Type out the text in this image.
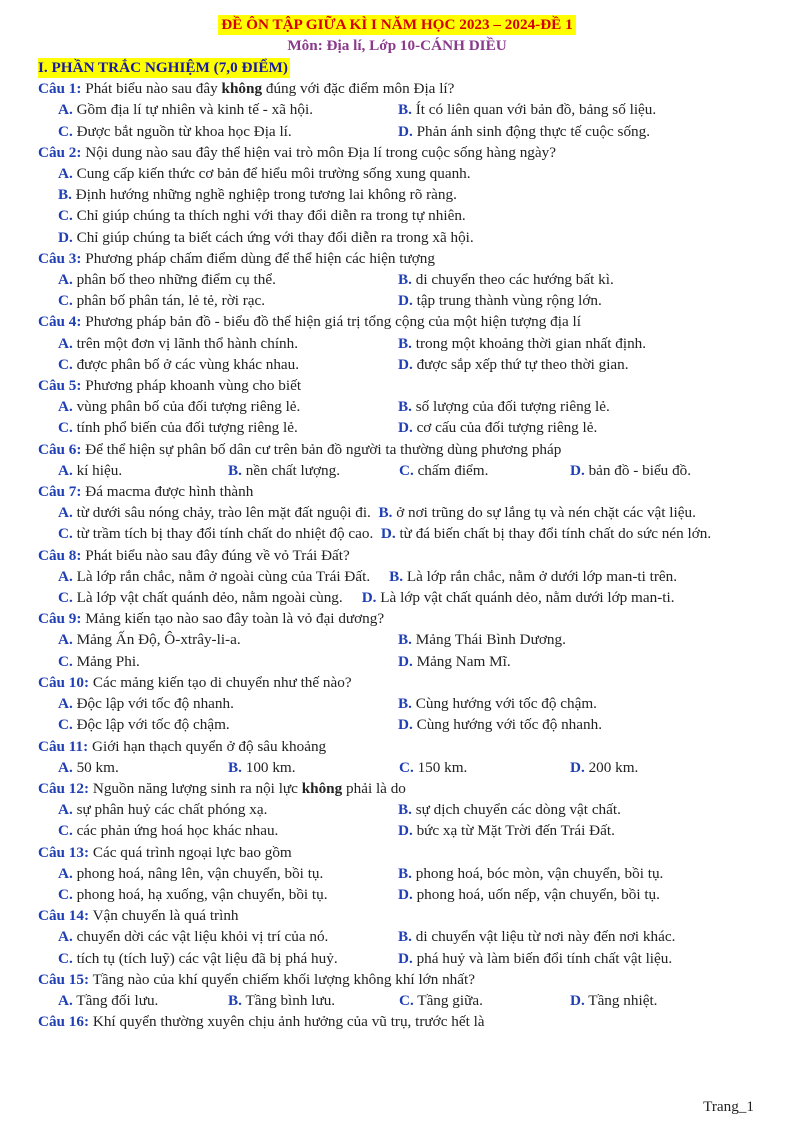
ĐỀ ÔN TẬP GIỮA KÌ I NĂM HỌC 2023 – 2024-ĐỀ 1
Môn: Địa lí, Lớp 10-CÁNH DIỀU
I. PHẦN TRẮC NGHIỆM (7,0 ĐIỂM)
Câu 1: Phát biểu nào sau đây không đúng với đặc điểm môn Địa lí?
A. Gồm địa lí tự nhiên và kinh tế - xã hội.	B. Ít có liên quan với bản đồ, bảng số liệu.
C. Được bắt nguồn từ khoa học Địa lí.	D. Phản ánh sinh động thực tế cuộc sống.
Câu 2: Nội dung nào sau đây thể hiện vai trò môn Địa lí trong cuộc sống hàng ngày?
A. Cung cấp kiến thức cơ bản để hiểu môi trường sống xung quanh.
B. Định hướng những nghề nghiệp trong tương lai không rõ ràng.
C. Chỉ giúp chúng ta thích nghi với thay đổi diễn ra trong tự nhiên.
D. Chỉ giúp chúng ta biết cách ứng với thay đổi diễn ra trong xã hội.
Câu 3: Phương pháp chấm điểm dùng để thể hiện các hiện tượng
A. phân bố theo những điểm cụ thể.	B. di chuyển theo các hướng bất kì.
C. phân bố phân tán, lẻ tẻ, rời rạc.	D. tập trung thành vùng rộng lớn.
Câu 4: Phương pháp bản đồ - biểu đồ thể hiện giá trị tổng cộng của một hiện tượng địa lí
A. trên một đơn vị lãnh thổ hành chính.	B. trong một khoảng thời gian nhất định.
C. được phân bố ở các vùng khác nhau.	D. được sắp xếp thứ tự theo thời gian.
Câu 5: Phương pháp khoanh vùng cho biết
A. vùng phân bố của đối tượng riêng lẻ.	B. số lượng của đối tượng riêng lẻ.
C. tính phổ biến của đối tượng riêng lẻ.	D. cơ cấu của đối tượng riêng lẻ.
Câu 6: Để thể hiện sự phân bố dân cư trên bản đồ người ta thường dùng phương pháp
A. kí hiệu.	B. nền chất lượng.	C. chấm điểm.	D. bản đồ - biểu đồ.
Câu 7: Đá macma được hình thành
A. từ dưới sâu nóng chảy, trào lên mặt đất nguội đi. B. ở nơi trũng do sự lắng tụ và nén chặt các vật liệu.
C. từ trầm tích bị thay đổi tính chất do nhiệt độ cao. D. từ đá biến chất bị thay đổi tính chất do sức nén lớn.
Câu 8: Phát biểu nào sau đây đúng về vỏ Trái Đất?
A. Là lớp rắn chắc, nằm ở ngoài cùng của Trái Đất. B. Là lớp rắn chắc, nằm ở dưới lớp man-ti trên.
C. Là lớp vật chất quánh dẻo, nằm ngoài cùng. D. Là lớp vật chất quánh dẻo, nằm dưới lớp man-ti.
Câu 9: Mảng kiến tạo nào sao đây toàn là vỏ đại dương?
A. Mảng Ấn Độ, Ô-xtrây-li-a.	B. Mảng Thái Bình Dương.
C. Mảng Phi.	D. Mảng Nam Mĩ.
Câu 10: Các mảng kiến tạo di chuyển như thế nào?
A. Độc lập với tốc độ nhanh.	B. Cùng hướng với tốc độ chậm.
C. Độc lập với tốc độ chậm.	D. Cùng hướng với tốc độ nhanh.
Câu 11: Giới hạn thạch quyển ở độ sâu khoảng
A. 50 km.	B. 100 km.	C. 150 km.	D. 200 km.
Câu 12: Nguồn năng lượng sinh ra nội lực không phải là do
A. sự phân huỷ các chất phóng xạ.	B. sự dịch chuyển các dòng vật chất.
C. các phản ứng hoá học khác nhau.	D. bức xạ từ Mặt Trời đến Trái Đất.
Câu 13: Các quá trình ngoại lực bao gồm
A. phong hoá, nâng lên, vận chuyển, bồi tụ.	B. phong hoá, bóc mòn, vận chuyển, bồi tụ.
C. phong hoá, hạ xuống, vận chuyển, bồi tụ.	D. phong hoá, uốn nếp, vận chuyển, bồi tụ.
Câu 14: Vận chuyển là quá trình
A. chuyển dời các vật liệu khỏi vị trí của nó.	B. di chuyển vật liệu từ nơi này đến nơi khác.
C. tích tụ (tích luỹ) các vật liệu đã bị phá huỷ.	D. phá huỷ và làm biến đổi tính chất vật liệu.
Câu 15: Tầng nào của khí quyển chiếm khối lượng không khí lớn nhất?
A. Tầng đối lưu.	B. Tầng bình lưu.	C. Tầng giữa.	D. Tầng nhiệt.
Câu 16: Khí quyển thường xuyên chịu ảnh hưởng của vũ trụ, trước hết là
Trang_1
